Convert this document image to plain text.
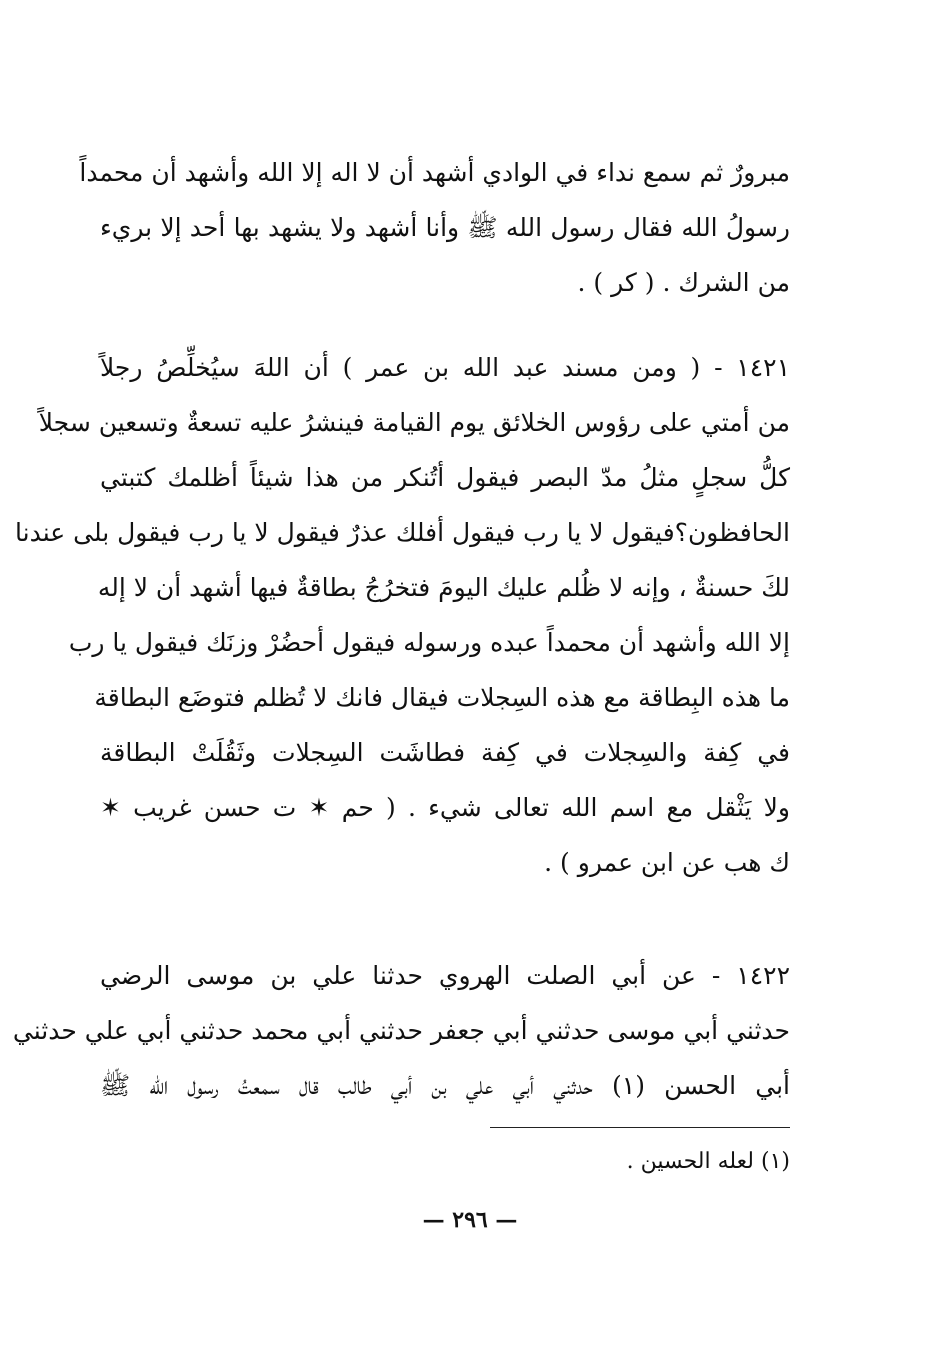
مبرورٌ ثم سمع نداء في الوادي أشهد أن لا اله إلا الله وأشهد أن محمداً
رسولُ الله فقال رسول الله ﷺ وأنا أشهد ولا يشهد بها أحد إلا بريء
من الشرك . ( كر ) .
١٤٢١ - ( ومن مسند عبد الله بن عمر ) أن اللهَ سيُخلِّصُ رجلاً
من أمتي على رؤوس الخلائق يوم القيامة فينشرُ عليه تسعةٌ وتسعين سجلاً
كلُّ سجلٍ مثلُ مدّ البصر فيقول أتُنكر من هذا شيئاً أظلمك كتبتي
الحافظون؟فيقول لا يا رب فيقول أفلك عذرٌ فيقول لا يا رب فيقول بلى عندنا
لكَ حسنةٌ ، وإنه لا ظُلم عليك اليومَ فتخرُجُ بطاقةٌ فيها أشهد أن لا إله
إلا الله وأشهد أن محمداً عبده ورسوله فيقول أحضُرْ وزنَك فيقول يا رب
ما هذه البِطاقة مع هذه السِجلات فيقال فانك لا تُظلم فتوضَع البطاقة
في كِفة والسِجلات في كِفة فطاشَت السِجلات وثَقُلَتْ البطاقة
ولا يَثْقل مع اسم الله تعالى شيء . ( حم ✶ ت حسن غريب ✶
ك هب عن ابن عمرو ) .
١٤٢٢ - عن أبي الصلت الهروي حدثنا علي بن موسى الرضي
حدثني أبي موسى حدثني أبي جعفر حدثني أبي محمد حدثني أبي علي حدثني
أبي الحسن (١) حدثني أبي علي بن أبي طالب قال سمعتُ رسول الله ﷺ
(١) لعله الحسين .
— ٢٩٦ —
